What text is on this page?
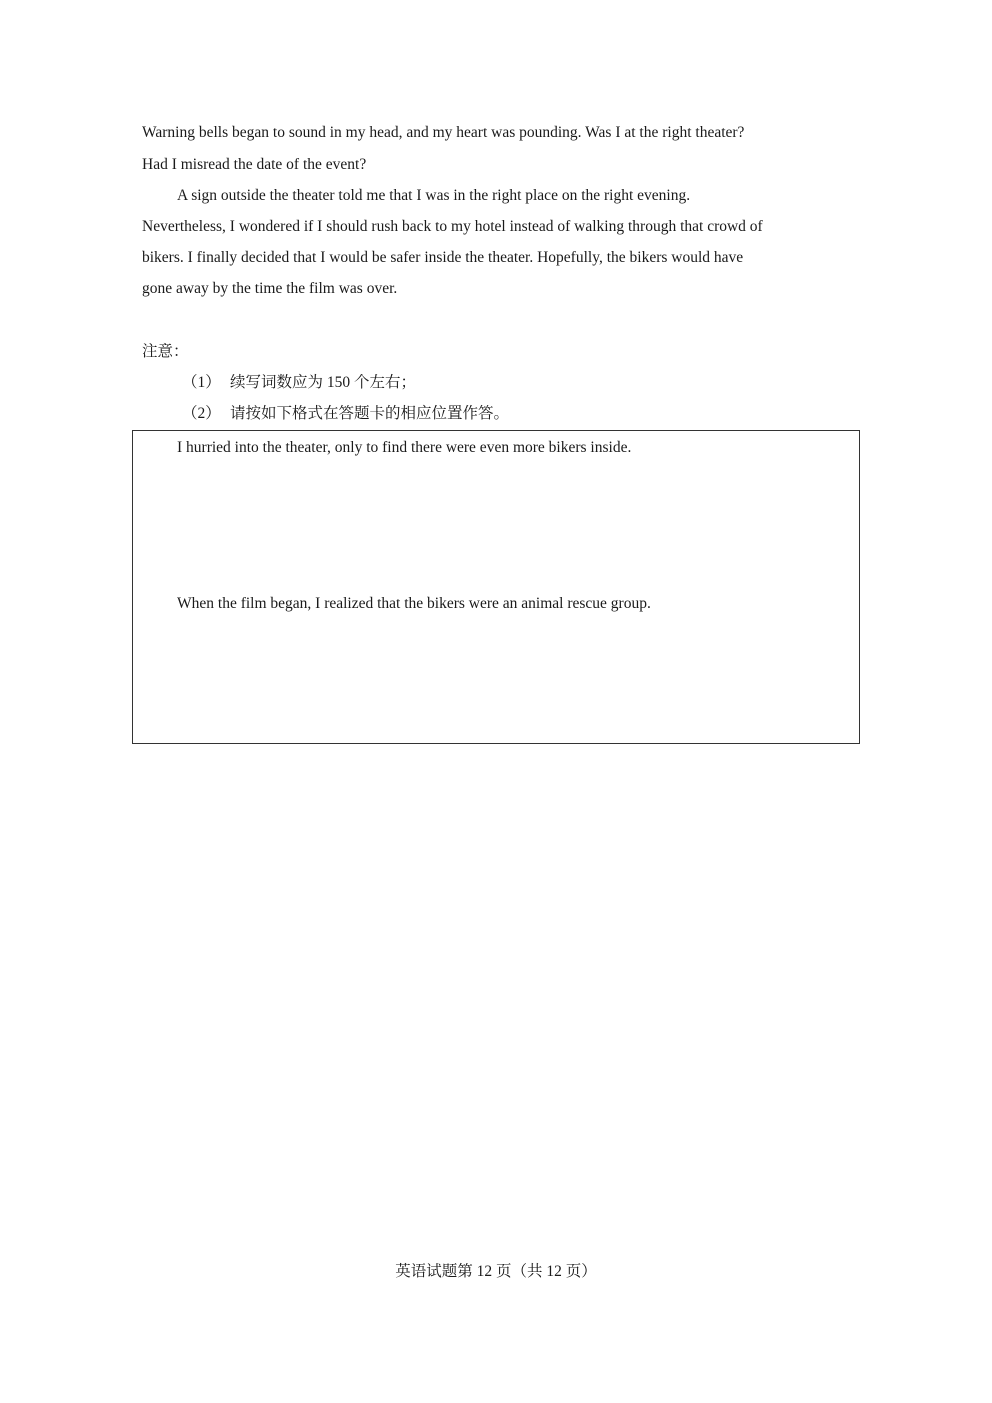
Warning bells began to sound in my head, and my heart was pounding. Was I at the right theater?
Had I misread the date of the event?
A sign outside the theater told me that I was in the right place on the right evening.
Nevertheless, I wondered if I should rush back to my hotel instead of walking through that crowd of
bikers. I finally decided that I would be safer inside the theater. Hopefully, the bikers would have
gone away by the time the film was over.
注意：
（1） 续写词数应为 150 个左右；
（2） 请按如下格式在答题卡的相应位置作答。
I hurried into the theater, only to find there were even more bikers inside.
When the film began, I realized that the bikers were an animal rescue group.
英语试题第 12 页（共 12 页）
